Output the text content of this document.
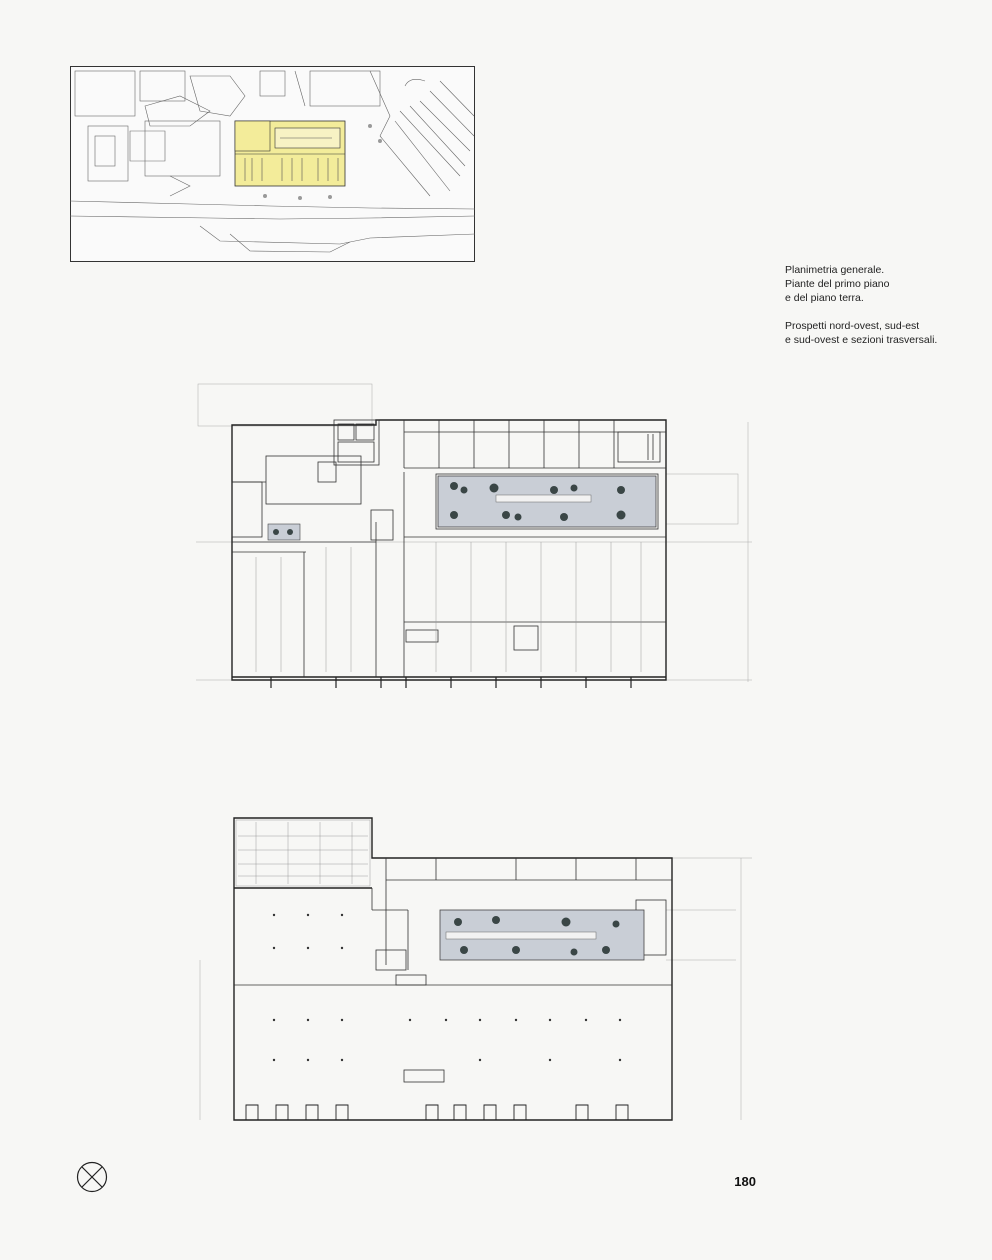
Planimetria generale.

Piante del primo piano

e del piano terra.

Prospetti nord-ovest, sud-est

e sud-ovest e sezioni trasversali.

180
